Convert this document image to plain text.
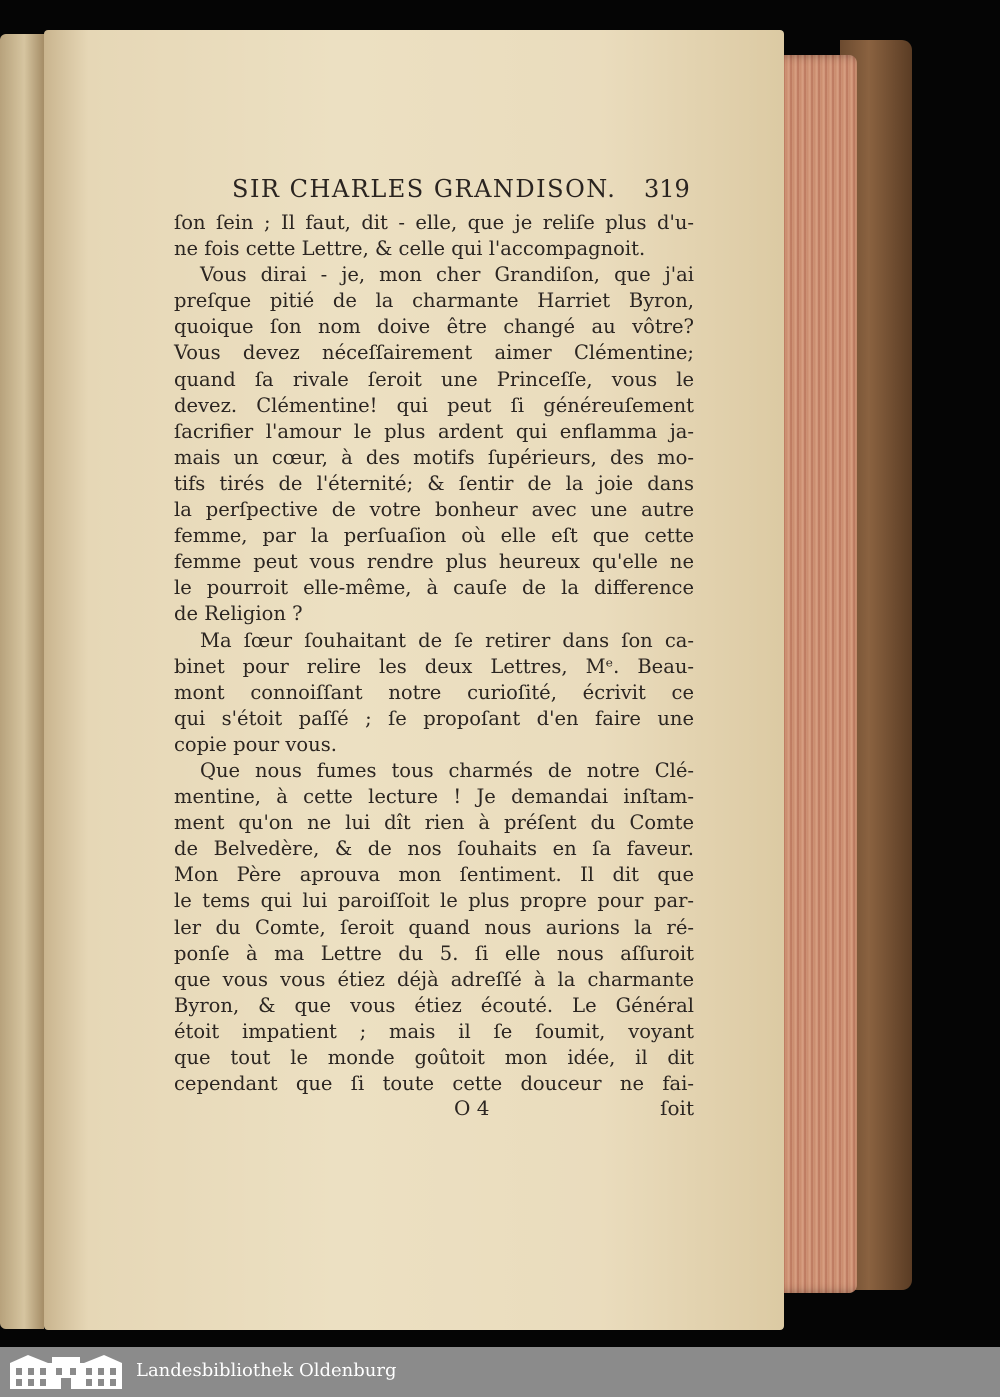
SIR CHARLES GRANDISON. 319
ſon ſein ; Il faut, dit - elle, que je reliſe plus d'u-
ne fois cette Lettre, & celle qui l'accompagnoit.
Vous dirai - je, mon cher Grandiſon, que j'ai
preſque pitié de la charmante Harriet Byron,
quoique ſon nom doive être changé au vôtre?
Vous devez néceſſairement aimer Clémentine;
quand ſa rivale ſeroit une Princeſſe, vous le
devez. Clémentine! qui peut ſi généreuſement
ſacrifier l'amour le plus ardent qui enflamma ja-
mais un cœur, à des motifs ſupérieurs, des mo-
tifs tirés de l'éternité; & ſentir de la joie dans
la perſpective de votre bonheur avec une autre
femme, par la perſuaſion où elle eſt que cette
femme peut vous rendre plus heureux qu'elle ne
le pourroit elle-même, à cauſe de la difference
de Religion ?
Ma ſœur ſouhaitant de ſe retirer dans ſon ca-
binet pour relire les deux Lettres, Mᵉ. Beau-
mont connoiſſant notre curioſité, écrivit ce
qui s'étoit paſſé ; ſe propoſant d'en faire une
copie pour vous.
Que nous fumes tous charmés de notre Clé-
mentine, à cette lecture ! Je demandai inſtam-
ment qu'on ne lui dît rien à préſent du Comte
de Belvedère, & de nos ſouhaits en ſa faveur.
Mon Père aprouva mon ſentiment. Il dit que
le tems qui lui paroiſſoit le plus propre pour par-
ler du Comte, ſeroit quand nous aurions la ré-
ponſe à ma Lettre du 5. ſi elle nous aſſuroit
que vous vous étiez déjà adreſſé à la charmante
Byron, & que vous étiez écouté. Le Général
étoit impatient ; mais il ſe ſoumit, voyant
que tout le monde goûtoit mon idée, il dit
cependant que ſi toute cette douceur ne fai-
O 4	ſoit
Landesbibliothek Oldenburg
